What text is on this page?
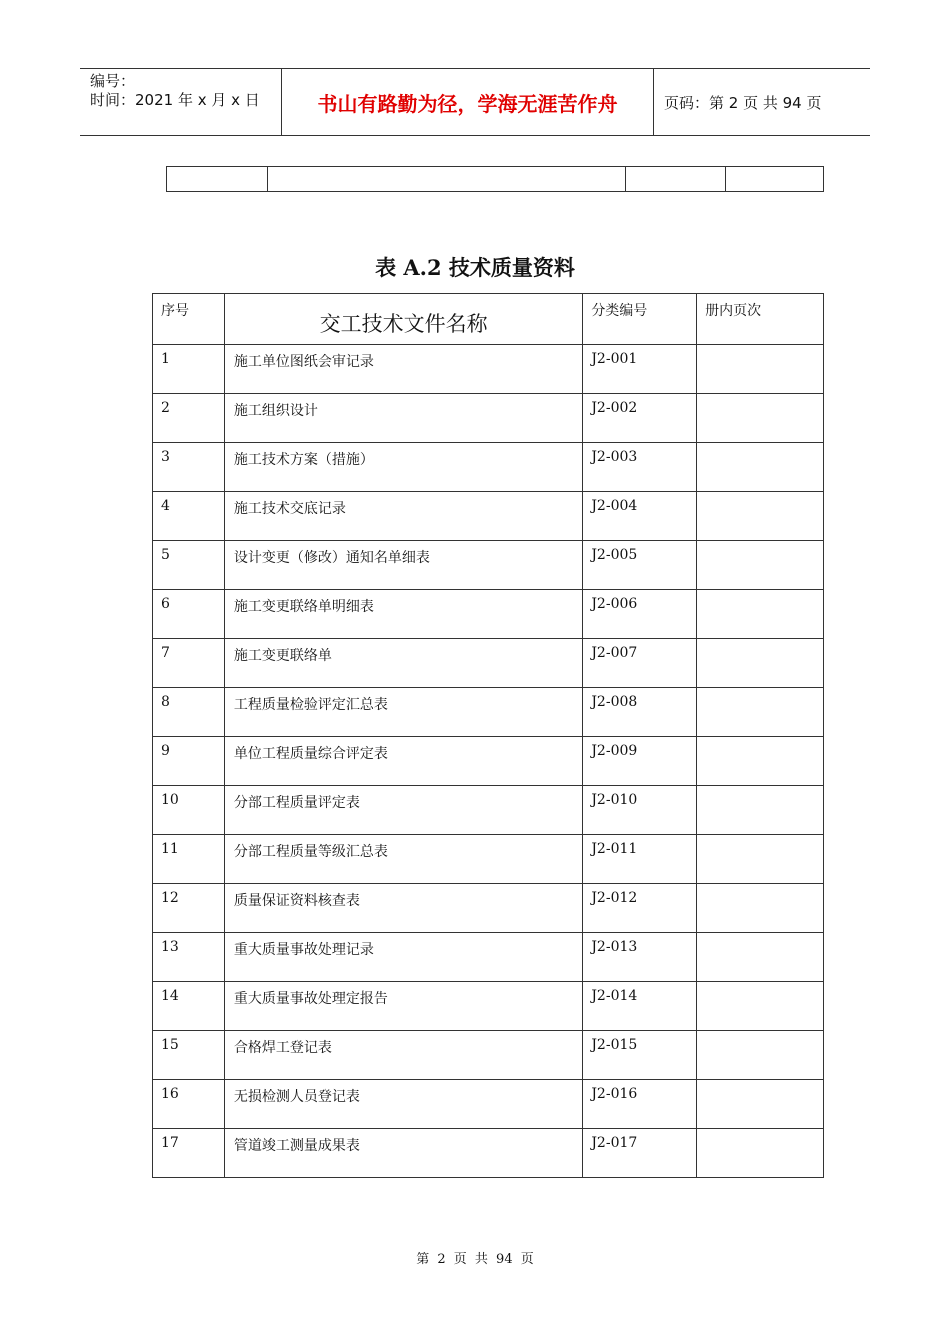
编号：
时间：2021 年 x 月 x 日	书山有路勤为径，学海无涯苦作舟	页码：第 2 页 共 94 页

表 A.2 技术质量资料
序号	交工技术文件名称	分类编号	册内页次
1	施工单位图纸会审记录	J2-001	
2	施工组织设计	J2-002	
3	施工技术方案（措施）	J2-003	
4	施工技术交底记录	J2-004	
5	设计变更（修改）通知名单细表	J2-005	
6	施工变更联络单明细表	J2-006	
7	施工变更联络单	J2-007	
8	工程质量检验评定汇总表	J2-008	
9	单位工程质量综合评定表	J2-009	
10	分部工程质量评定表	J2-010	
11	分部工程质量等级汇总表	J2-011	
12	质量保证资料核查表	J2-012	
13	重大质量事故处理记录	J2-013	
14	重大质量事故处理定报告	J2-014	
15	合格焊工登记表	J2-015	
16	无损检测人员登记表	J2-016	
17	管道竣工测量成果表	J2-017	
第 2 页 共 94 页
